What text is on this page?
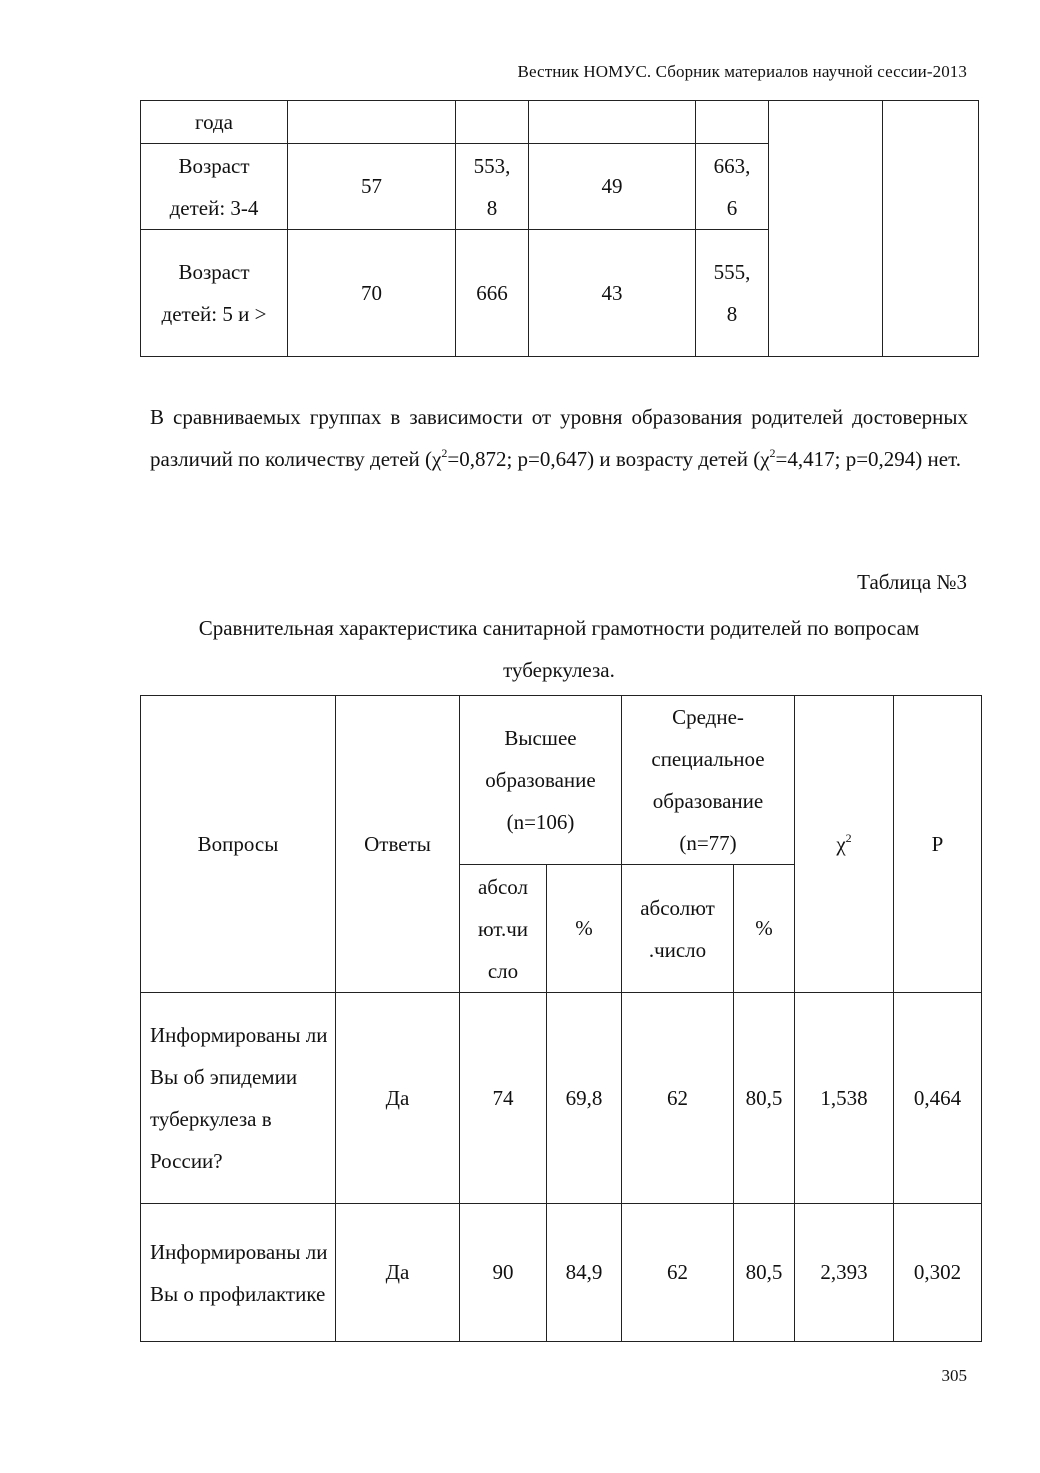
Вестник НОМУС. Сборник материалов научной сессии-2013
года						
Возраст детей: 3-4	57	553, 8	49	663, 6		
Возраст детей: 5 и >	70	666	43	555, 8		

В сравниваемых группах в зависимости от уровня образования родителей достоверных различий по количеству детей ($\chi^2=0,872$; p=0,647) и возрасту детей ($\chi^2=4,417$; p=0,294) нет.

Таблица №3
Сравнительная характеристика санитарной грамотности родителей по вопросам туберкулеза.
Вопросы	Ответы	Высшее образование (n=106)		Средне-специальное образование (n=77)		$\chi^2$	P
		абсол ют.чи сло	%	абсолют .число	%		
Информированы ли Вы об эпидемии туберкулеза в России?	Да	74	69,8	62	80,5	1,538	0,464
Информированы ли Вы о профилактике	Да	90	84,9	62	80,5	2,393	0,302
305
